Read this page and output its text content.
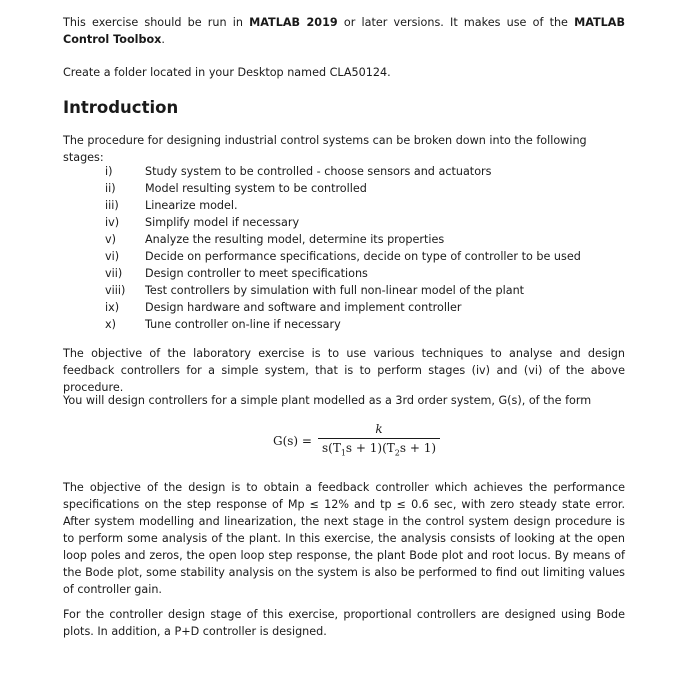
This exercise should be run in MATLAB 2019 or later versions. It makes use of the MATLAB Control Toolbox.

Create a folder located in your Desktop named CLA50124.

Introduction

The procedure for designing industrial control systems can be broken down into the following stages:

i)	Study system to be controlled - choose sensors and actuators
ii)	Model resulting system to be controlled
iii) Linearize model.
iv) Simplify model if necessary
v)	Analyze the resulting model, determine its properties
vi) Decide on performance specifications, decide on type of controller to be used
vii) Design controller to meet specifications
viii) Test controllers by simulation with full non-linear model of the plant
ix) Design hardware and software and implement controller
x)	Tune controller on-line if necessary

The objective of the laboratory exercise is to use various techniques to analyse and design feedback controllers for a simple system, that is to perform stages (iv) and (vi) of the above procedure.

You will design controllers for a simple plant modelled as a 3rd order system, G(s), of the form

$G(s) = \frac{k}{s(T_1s + 1)(T_2s + 1)}$

The objective of the design is to obtain a feedback controller which achieves the performance specifications on the step response of Mp ≤ 12% and tp ≤ 0.6 sec, with zero steady state error. After system modelling and linearization, the next stage in the control system design procedure is to perform some analysis of the plant. In this exercise, the analysis consists of looking at the open loop poles and zeros, the open loop step response, the plant Bode plot and root locus. By means of the Bode plot, some stability analysis on the system is also be performed to find out limiting values of controller gain.

For the controller design stage of this exercise, proportional controllers are designed using Bode plots. In addition, a P+D controller is designed.
